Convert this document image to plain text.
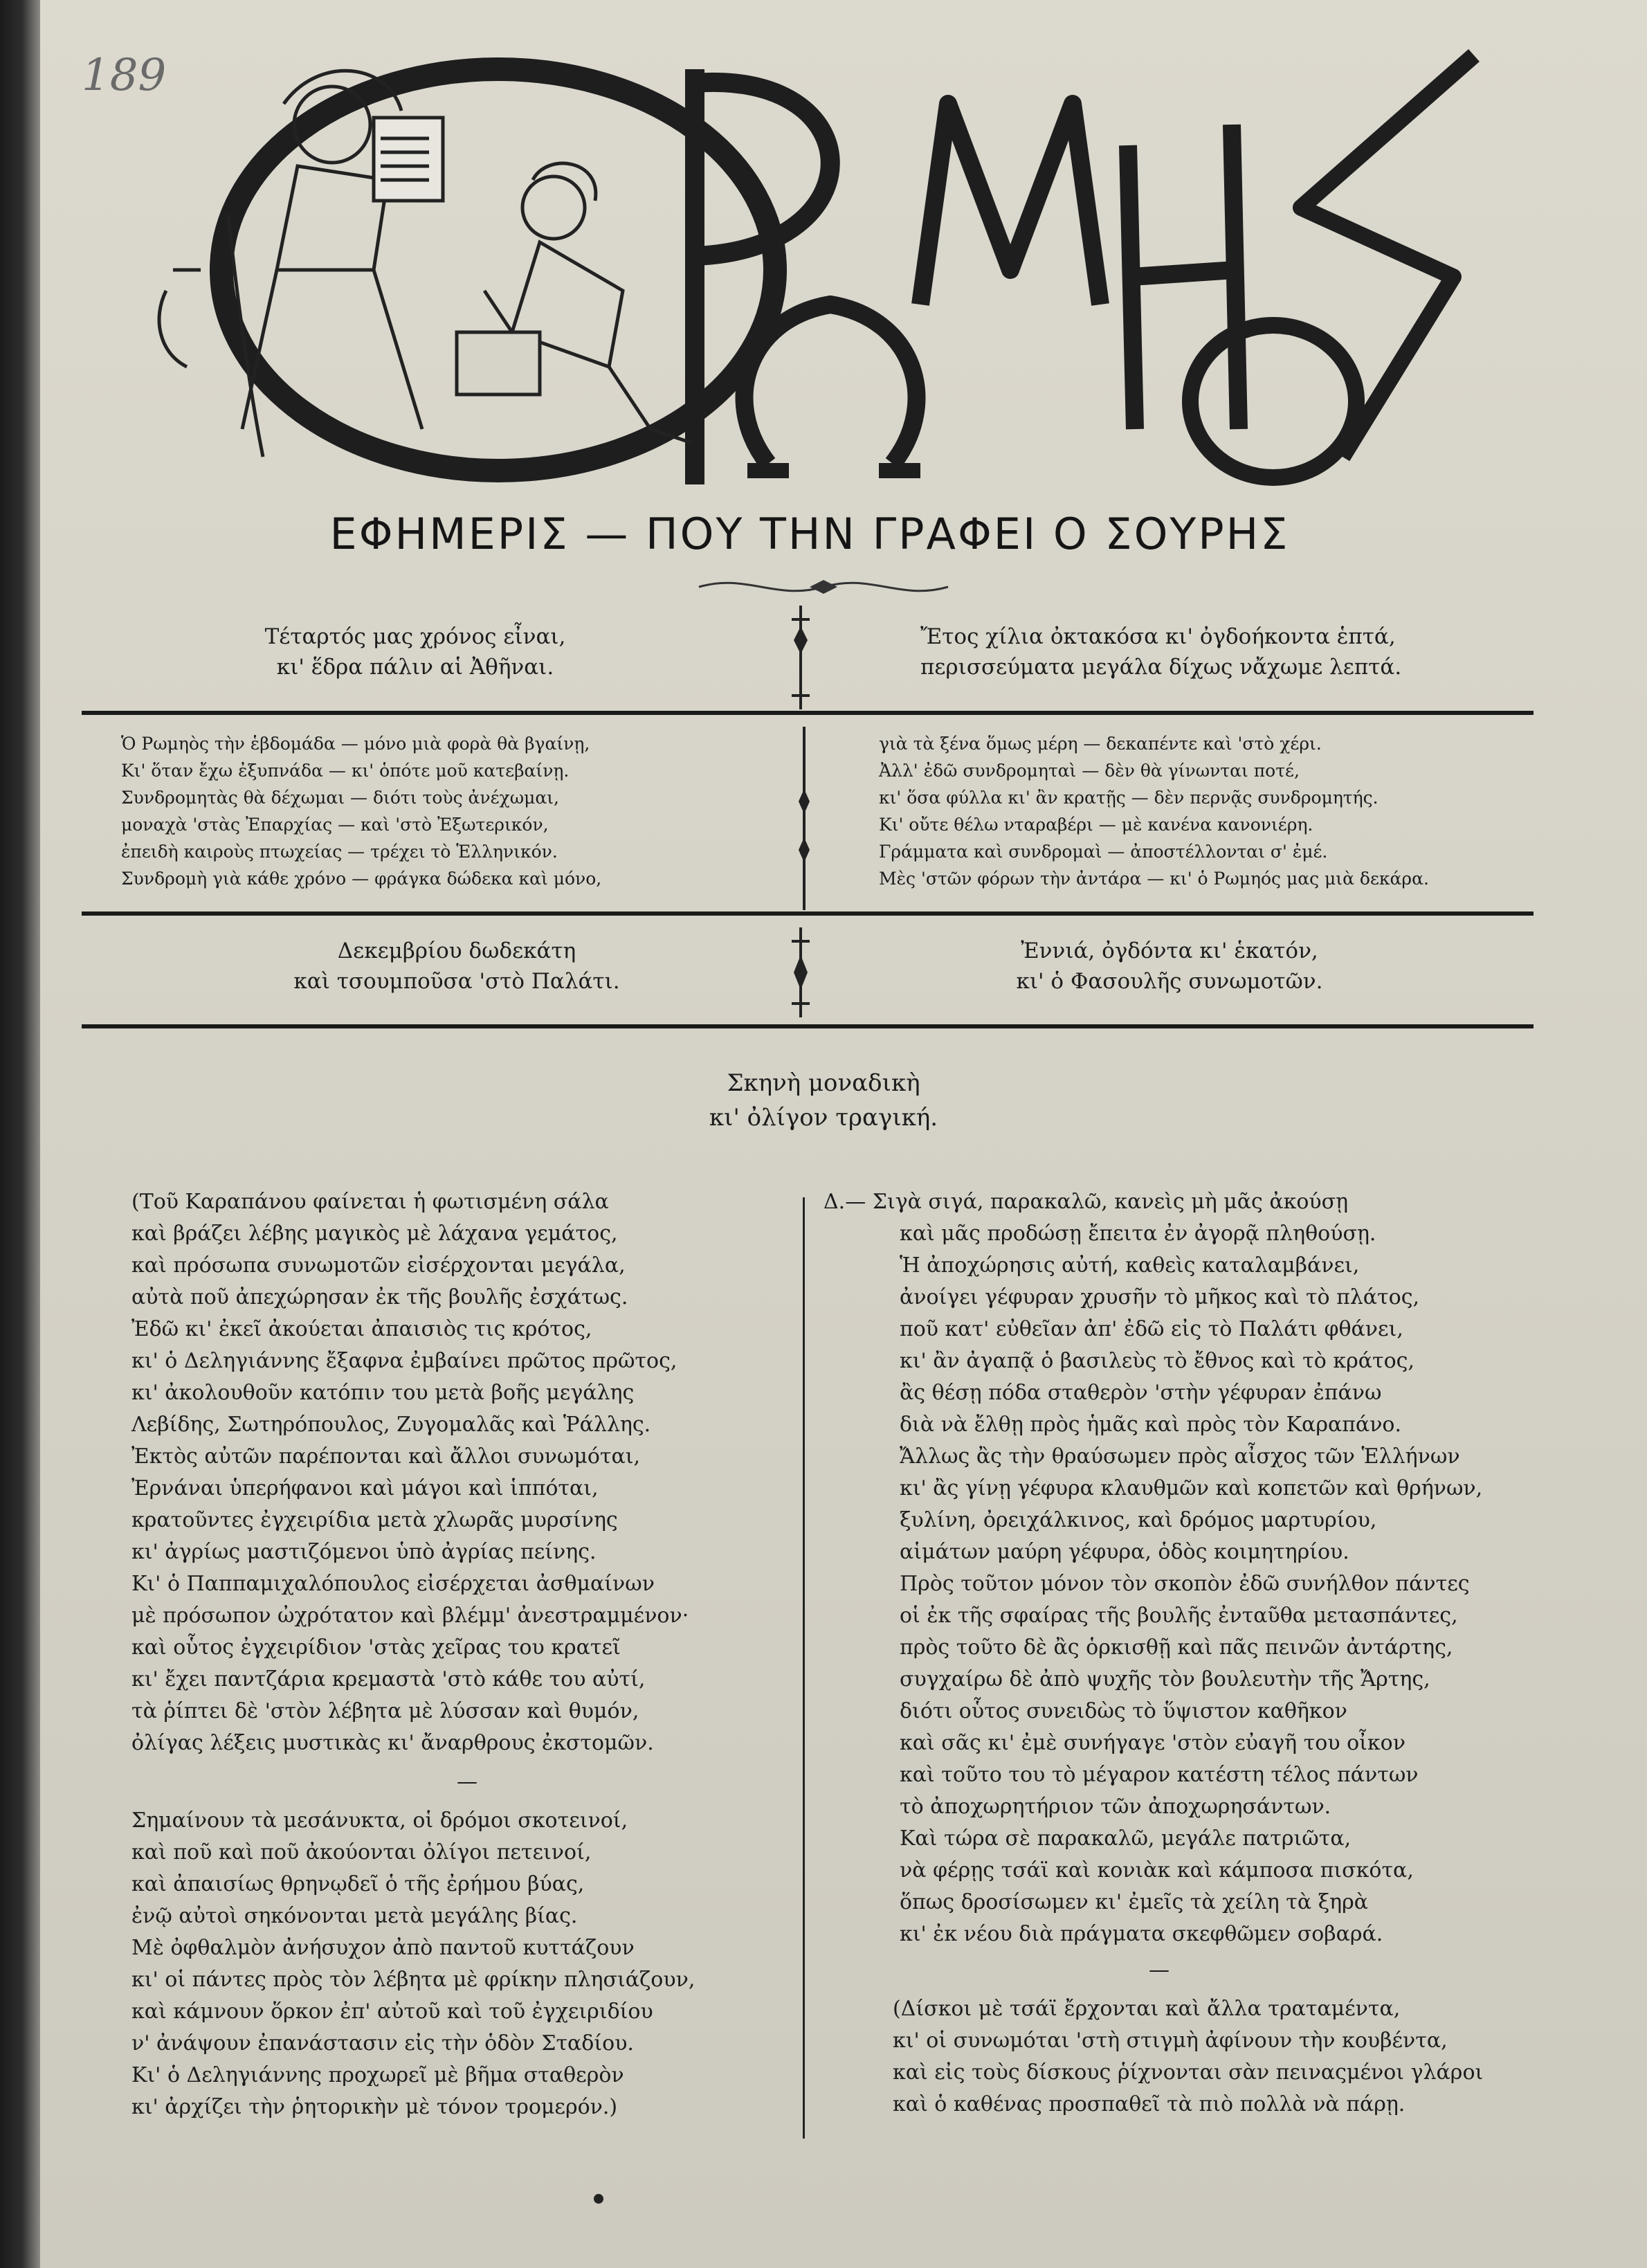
189
ΕΦΗΜΕΡΙΣ — ΠΟΥ ΤΗΝ ΓΡΑΦΕΙ Ο ΣΟΥΡΗΣ
Τέταρτός μας χρόνος εἶναι,
κι' ἕδρα πάλιν αἱ Ἀθῆναι.
Ἔτος χίλια ὀκτακόσα κι' ὀγδοήκοντα ἑπτά,
περισσεύματα μεγάλα δίχως νἄχωμε λεπτά.
Ὁ Ρωμηὸς τὴν ἑβδομάδα — μόνο μιὰ φορὰ θὰ βγαίνῃ,
Κι' ὅταν ἔχω ἐξυπνάδα — κι' ὁπότε μοῦ κατεβαίνῃ.
Συνδρομητὰς θὰ δέχωμαι — διότι τοὺς ἀνέχωμαι,
μοναχὰ 'στὰς Ἐπαρχίας — καὶ 'στὸ Ἐξωτερικόν,
ἐπειδὴ καιροὺς πτωχείας — τρέχει τὸ Ἑλληνικόν.
Συνδρομὴ γιὰ κάθε χρόνο — φράγκα δώδεκα καὶ μόνο,
γιὰ τὰ ξένα ὅμως μέρη — δεκαπέντε καὶ 'στὸ χέρι.
Ἀλλ' ἐδῶ συνδρομηταὶ — δὲν θὰ γίνωνται ποτέ,
κι' ὅσα φύλλα κι' ἂν κρατῇς — δὲν περνᾷς συνδρομητής.
Κι' οὔτε θέλω νταραβέρι — μὲ κανένα κανονιέρη.
Γράμματα καὶ συνδρομαὶ — ἀποστέλλονται σ' ἐμέ.
Μὲς 'στῶν φόρων τὴν ἀντάρα — κι' ὁ Ρωμηός μας μιὰ δεκάρα.
Δεκεμβρίου δωδεκάτη
καὶ τσουμποῦσα 'στὸ Παλάτι.
Ἐννιά, ὀγδόντα κι' ἑκατόν,
κι' ὁ Φασουλῆς συνωμοτῶν.
Σκηνὴ μοναδικὴ
κι' ὀλίγον τραγική.
(Τοῦ Καραπάνου φαίνεται ἡ φωτισμένη σάλα
καὶ βράζει λέβης μαγικὸς μὲ λάχανα γεμάτος,
καὶ πρόσωπα συνωμοτῶν εἰσέρχονται μεγάλα,
αὐτὰ ποῦ ἀπεχώρησαν ἐκ τῆς βουλῆς ἐσχάτως.
Ἐδῶ κι' ἐκεῖ ἀκούεται ἀπαισιὸς τις κρότος,
κι' ὁ Δεληγιάννης ἔξαφνα ἐμβαίνει πρῶτος πρῶτος,
κι' ἀκολουθοῦν κατόπιν του μετὰ βοῆς μεγάλης
Λεβίδης, Σωτηρόπουλος, Ζυγομαλᾶς καὶ Ῥάλλης.
Ἐκτὸς αὐτῶν παρέπονται καὶ ἄλλοι συνωμόται,
Ἐρνάναι ὑπερήφανοι καὶ μάγοι καὶ ἱππόται,
κρατοῦντες ἐγχειρίδια μετὰ χλωρᾶς μυρσίνης
κι' ἀγρίως μαστιζόμενοι ὑπὸ ἀγρίας πείνης.
Κι' ὁ Παππαμιχαλόπουλος εἰσέρχεται ἀσθμαίνων
μὲ πρόσωπον ὠχρότατον καὶ βλέμμ' ἀνεστραμμένον·
καὶ οὗτος ἐγχειρίδιον 'στὰς χεῖρας του κρατεῖ
κι' ἔχει παντζάρια κρεμαστὰ 'στὸ κάθε του αὐτί,
τὰ ῥίπτει δὲ 'στὸν λέβητα μὲ λύσσαν καὶ θυμόν,
ὀλίγας λέξεις μυστικὰς κι' ἄναρθρους ἐκστομῶν.
—
Σημαίνουν τὰ μεσάνυκτα, οἱ δρόμοι σκοτεινοί,
καὶ ποῦ καὶ ποῦ ἀκούονται ὀλίγοι πετεινοί,
καὶ ἀπαισίως θρηνῳδεῖ ὁ τῆς ἐρήμου βύας,
ἐνῷ αὐτοὶ σηκόνονται μετὰ μεγάλης βίας.
Μὲ ὀφθαλμὸν ἀνήσυχον ἀπὸ παντοῦ κυττάζουν
κι' οἱ πάντες πρὸς τὸν λέβητα μὲ φρίκην πλησιάζουν,
καὶ κάμνουν ὅρκον ἐπ' αὐτοῦ καὶ τοῦ ἐγχειριδίου
ν' ἀνάψουν ἐπανάστασιν εἰς τὴν ὁδὸν Σταδίου.
Κι' ὁ Δεληγιάννης προχωρεῖ μὲ βῆμα σταθερὸν
κι' ἀρχίζει τὴν ῥητορικὴν μὲ τόνον τρομερόν.)
Δ.— Σιγὰ σιγά, παρακαλῶ, κανεὶς μὴ μᾶς ἀκούσῃ
καὶ μᾶς προδώσῃ ἔπειτα ἐν ἀγορᾷ πληθούσῃ.
Ἡ ἀποχώρησις αὐτή, καθεὶς καταλαμβάνει,
ἀνοίγει γέφυραν χρυσῆν τὸ μῆκος καὶ τὸ πλάτος,
ποῦ κατ' εὐθεῖαν ἀπ' ἐδῶ εἰς τὸ Παλάτι φθάνει,
κι' ἂν ἀγαπᾷ ὁ βασιλεὺς τὸ ἔθνος καὶ τὸ κράτος,
ἂς θέσῃ πόδα σταθερὸν 'στὴν γέφυραν ἐπάνω
διὰ νὰ ἔλθῃ πρὸς ἡμᾶς καὶ πρὸς τὸν Καραπάνο.
Ἄλλως ἂς τὴν θραύσωμεν πρὸς αἶσχος τῶν Ἑλλήνων
κι' ἂς γίνῃ γέφυρα κλαυθμῶν καὶ κοπετῶν καὶ θρήνων,
ξυλίνη, ὀρειχάλκινος, καὶ δρόμος μαρτυρίου,
αἱμάτων μαύρη γέφυρα, ὁδὸς κοιμητηρίου.
Πρὸς τοῦτον μόνον τὸν σκοπὸν ἐδῶ συνήλθον πάντες
οἱ ἐκ τῆς σφαίρας τῆς βουλῆς ἐνταῦθα μετασπάντες,
πρὸς τοῦτο δὲ ἂς ὁρκισθῇ καὶ πᾶς πεινῶν ἀντάρτης,
συγχαίρω δὲ ἀπὸ ψυχῆς τὸν βουλευτὴν τῆς Ἄρτης,
διότι οὗτος συνειδὼς τὸ ὕψιστον καθῆκον
καὶ σᾶς κι' ἐμὲ συνήγαγε 'στὸν εὐαγῆ του οἶκον
καὶ τοῦτο του τὸ μέγαρον κατέστη τέλος πάντων
τὸ ἀποχωρητήριον τῶν ἀποχωρησάντων.
Καὶ τώρα σὲ παρακαλῶ, μεγάλε πατριῶτα,
νὰ φέρῃς τσάϊ καὶ κονιὰκ καὶ κάμποσα πισκότα,
ὅπως δροσίσωμεν κι' ἐμεῖς τὰ χείλη τὰ ξηρὰ
κι' ἐκ νέου διὰ πράγματα σκεφθῶμεν σοβαρά.
—
(Δίσκοι μὲ τσάϊ ἔρχονται καὶ ἄλλα τραταμέντα,
κι' οἱ συνωμόται 'στὴ στιγμὴ ἀφίνουν τὴν κουβέντα,
καὶ εἰς τοὺς δίσκους ῥίχνονται σὰν πειναςμένοι γλάροι
καὶ ὁ καθένας προσπαθεῖ τὰ πιὸ πολλὰ νὰ πάρῃ.
